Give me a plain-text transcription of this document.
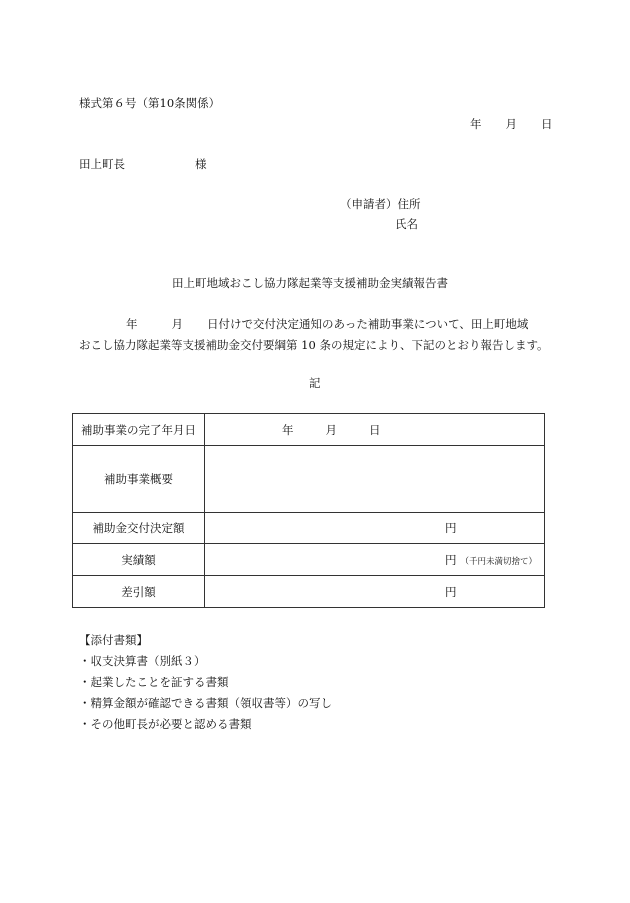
様式第６号（第10条関係）
年 月 日
田上町長	様
（申請者）住所
氏名
田上町地域おこし協力隊起業等支援補助金実績報告書
年	月 日付けで交付決定通知のあった補助事業について、田上町地域
おこし協力隊起業等支援補助金交付要綱第 10 条の規定により、下記のとおり報告します。
記
補助事業の完了年月日	年 月 日

補助事業概要	
補助金交付決定額	円

実績額	円 （千円未満切捨て）

差引額	円
【添付書類】
・収支決算書（別紙３）
・起業したことを証する書類
・精算金額が確認できる書類（領収書等）の写し
・その他町長が必要と認める書類
